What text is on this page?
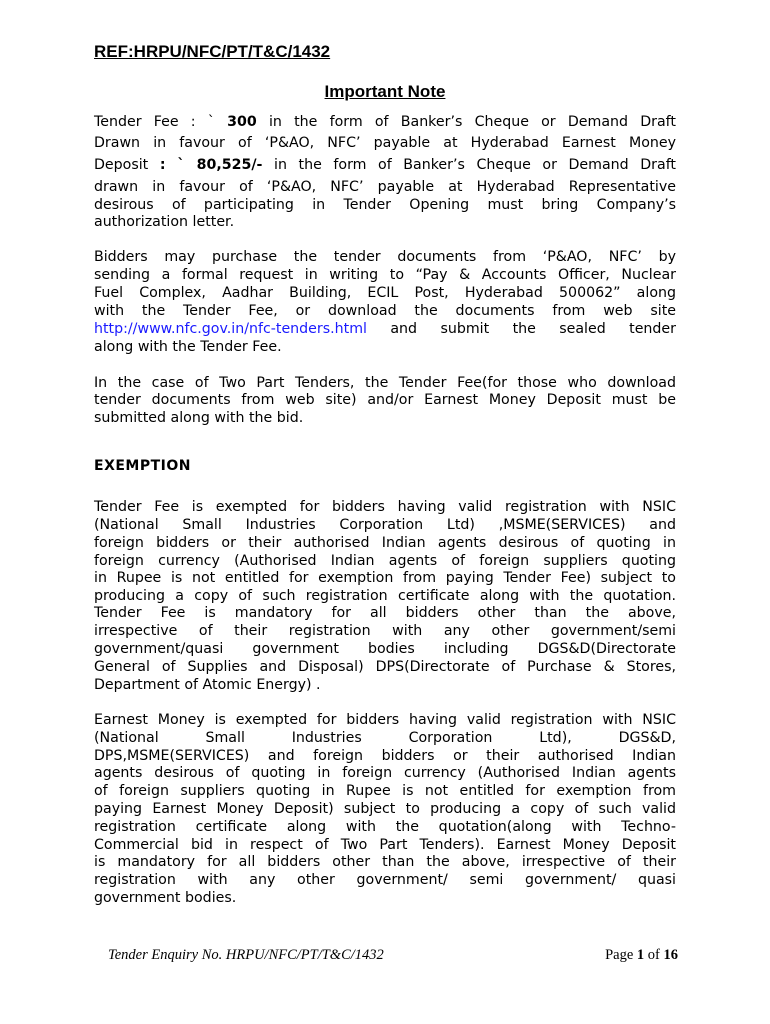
REF:HRPU/NFC/PT/T&C/1432
Important Note
Tender Fee : ` 300 in the form of Banker’s Cheque or Demand Draft
Drawn in favour of ‘P&AO, NFC’ payable at Hyderabad Earnest Money
Deposit : ` 80,525/- in the form of Banker’s Cheque or Demand Draft
drawn in favour of ‘P&AO, NFC’ payable at Hyderabad Representative
desirous of participating in Tender Opening must bring Company’s
authorization letter.
Bidders may purchase the tender documents from ‘P&AO, NFC’ by
sending a formal request in writing to “Pay & Accounts Officer, Nuclear
Fuel Complex, Aadhar Building, ECIL Post, Hyderabad 500062” along
with the Tender Fee, or download the documents from web site
http://www.nfc.gov.in/nfc-tenders.html and submit the sealed tender
along with the Tender Fee.
In the case of Two Part Tenders, the Tender Fee(for those who download
tender documents from web site) and/or Earnest Money Deposit must be
submitted along with the bid.
EXEMPTION
Tender Fee is exempted for bidders having valid registration with NSIC
(National Small Industries Corporation Ltd) ,MSME(SERVICES) and
foreign bidders or their authorised Indian agents desirous of quoting in
foreign currency (Authorised Indian agents of foreign suppliers quoting
in Rupee is not entitled for exemption from paying Tender Fee) subject to
producing a copy of such registration certificate along with the quotation.
Tender Fee is mandatory for all bidders other than the above,
irrespective of their registration with any other government/semi
government/quasi government bodies including DGS&D(Directorate
General of Supplies and Disposal) DPS(Directorate of Purchase & Stores,
Department of Atomic Energy) .
Earnest Money is exempted for bidders having valid registration with NSIC
(National Small Industries Corporation Ltd), DGS&D,
DPS,MSME(SERVICES) and foreign bidders or their authorised Indian
agents desirous of quoting in foreign currency (Authorised Indian agents
of foreign suppliers quoting in Rupee is not entitled for exemption from
paying Earnest Money Deposit) subject to producing a copy of such valid
registration certificate along with the quotation(along with Techno-
Commercial bid in respect of Two Part Tenders). Earnest Money Deposit
is mandatory for all bidders other than the above, irrespective of their
registration with any other government/ semi government/ quasi
government bodies.
Tender Enquiry No. HRPU/NFC/PT/T&C/1432	Page 1 of 16
